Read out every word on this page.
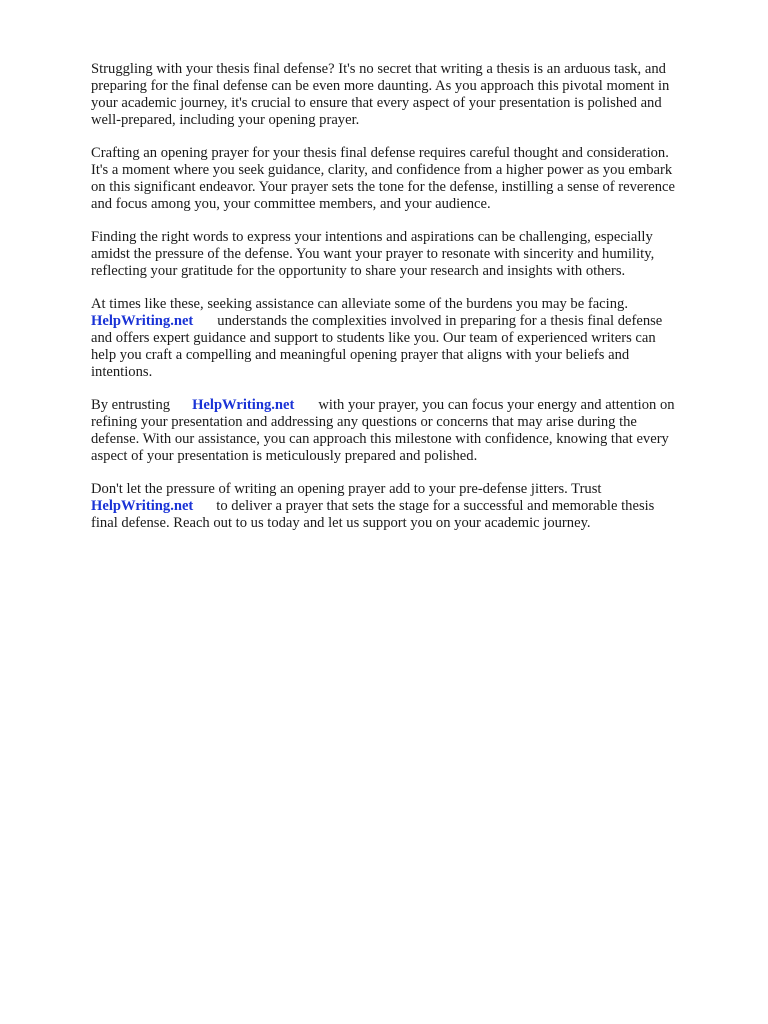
Struggling with your thesis final defense? It's no secret that writing a thesis is an arduous task, and
preparing for the final defense can be even more daunting. As you approach this pivotal moment in
your academic journey, it's crucial to ensure that every aspect of your presentation is polished and
well-prepared, including your opening prayer.

Crafting an opening prayer for your thesis final defense requires careful thought and consideration.
It's a moment where you seek guidance, clarity, and confidence from a higher power as you embark
on this significant endeavor. Your prayer sets the tone for the defense, instilling a sense of reverence
and focus among you, your committee members, and your audience.

Finding the right words to express your intentions and aspirations can be challenging, especially
amidst the pressure of the defense. You want your prayer to resonate with sincerity and humility,
reflecting your gratitude for the opportunity to share your research and insights with others.

At times like these, seeking assistance can alleviate some of the burdens you may be facing.
HelpWriting.net understands the complexities involved in preparing for a thesis final defense
and offers expert guidance and support to students like you. Our team of experienced writers can
help you craft a compelling and meaningful opening prayer that aligns with your beliefs and
intentions.

By entrusting HelpWriting.net with your prayer, you can focus your energy and attention on
refining your presentation and addressing any questions or concerns that may arise during the
defense. With our assistance, you can approach this milestone with confidence, knowing that every
aspect of your presentation is meticulously prepared and polished.

Don't let the pressure of writing an opening prayer add to your pre-defense jitters. Trust
HelpWriting.net to deliver a prayer that sets the stage for a successful and memorable thesis
final defense. Reach out to us today and let us support you on your academic journey.
